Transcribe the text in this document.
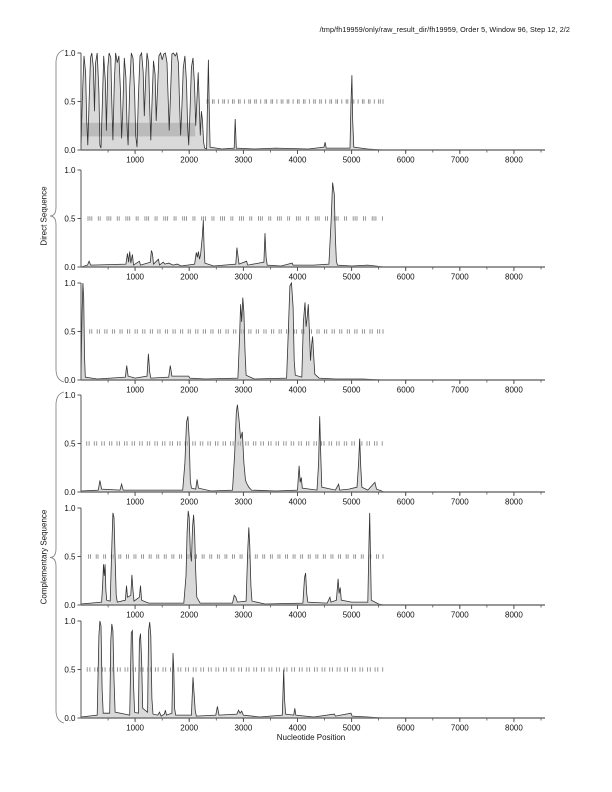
/tmp/fh19959/only/raw_result_dir/fh19959, Order 5, Window 96, Step 12, 2/2
Direct Sequence
Complementary Sequence
0.0
0.5
1.0
1000	2000	3000	4000	5000	6000	7000	8000
0.0
0.5
1.0
1000	2000	3000	4000	5000	6000	7000	8000
0.0
0.5
1.0
1000	2000	3000	4000	5000	6000	7000	8000
0.0
0.5
1.0
1000	2000	3000	4000	5000	6000	7000	8000
0.0
0.5
1.0
1000	2000	3000	4000	5000	6000	7000	8000
0.0
0.5
1.0
1000	2000	3000	4000	5000	6000	7000	8000
Nucleotide Position
